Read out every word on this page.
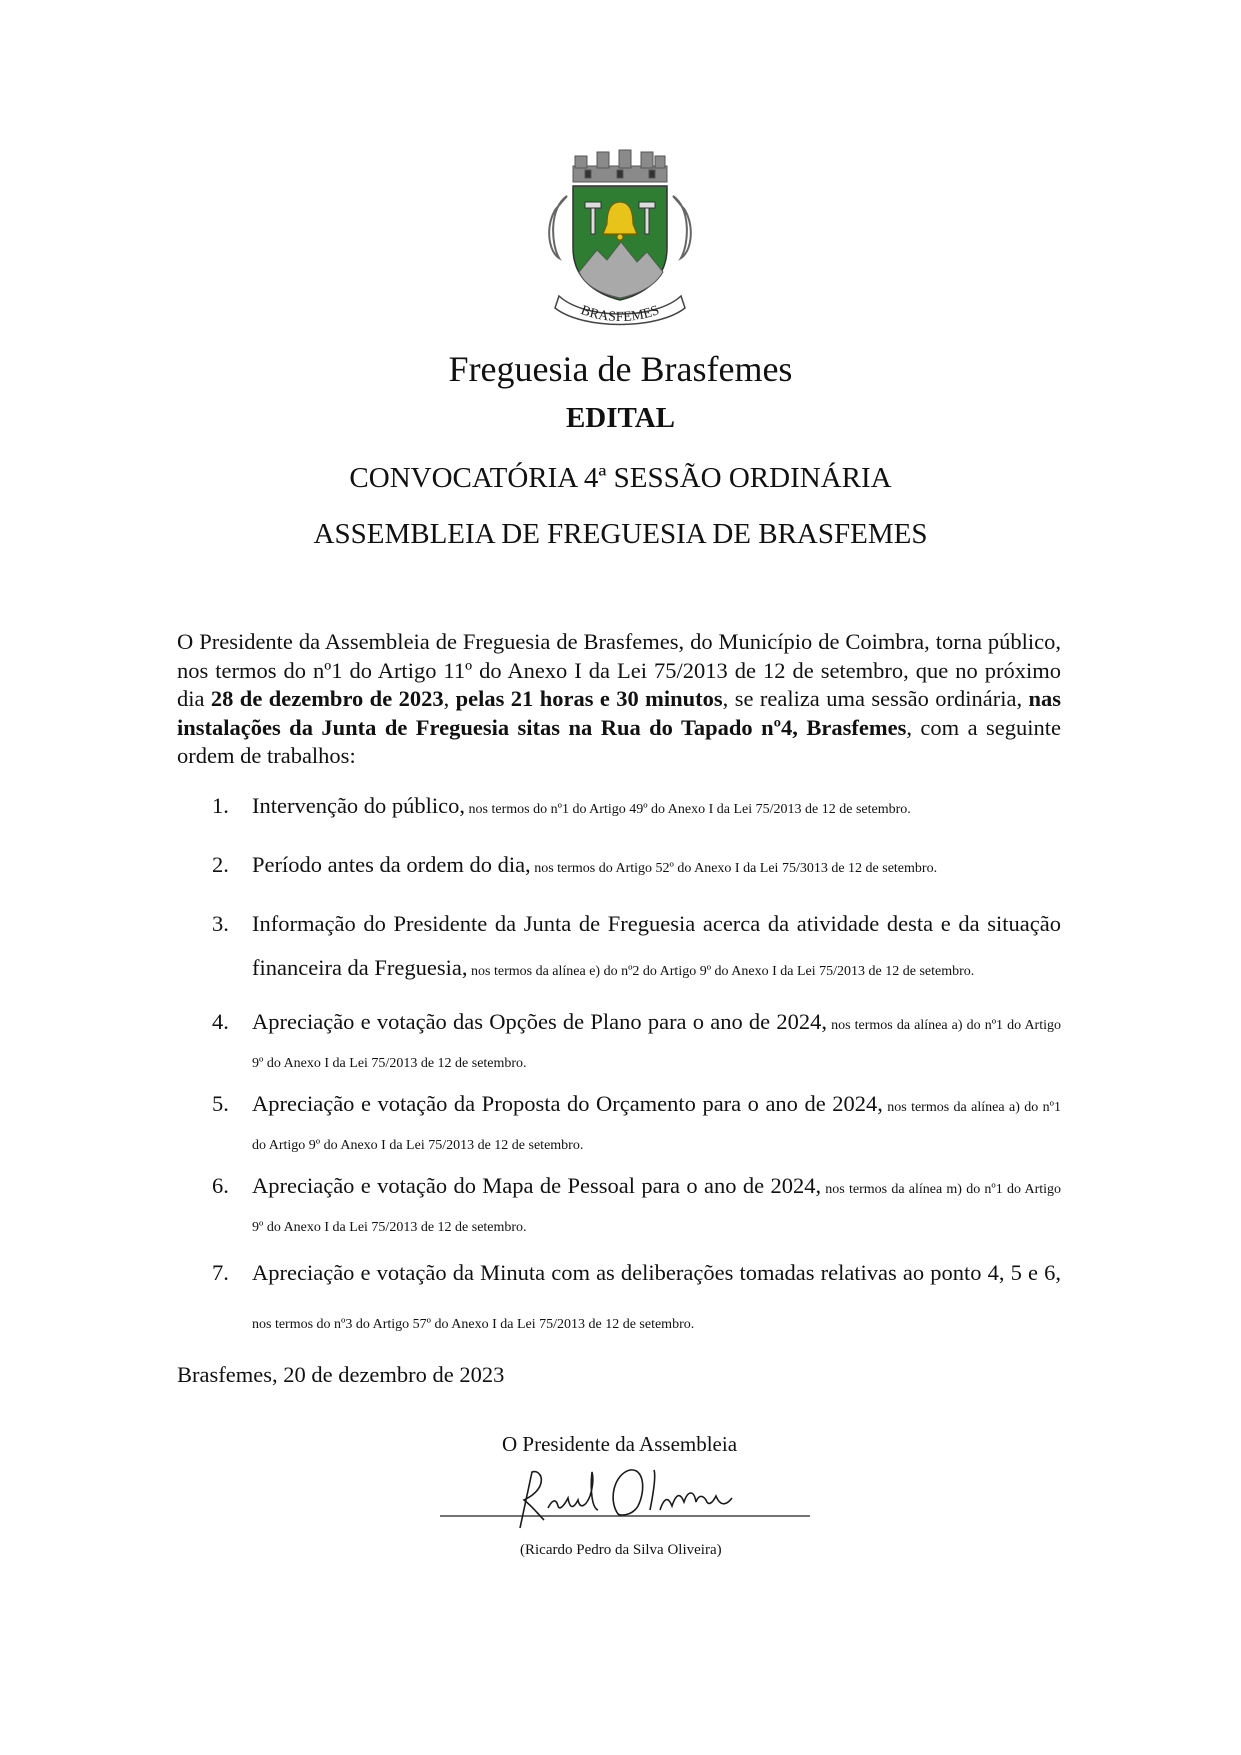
BRASFEMES
Freguesia de Brasfemes
EDITAL
CONVOCATÓRIA 4ª SESSÃO ORDINÁRIA
ASSEMBLEIA DE FREGUESIA DE BRASFEMES

O Presidente da Assembleia de Freguesia de Brasfemes, do Município de Coimbra, torna público, nos termos do nº1 do Artigo 11º do Anexo I da Lei 75/2013 de 12 de setembro, que no próximo dia 28 de dezembro de 2023, pelas 21 horas e 30 minutos, se realiza uma sessão ordinária, nas instalações da Junta de Freguesia sitas na Rua do Tapado nº4, Brasfemes, com a seguinte ordem de trabalhos:

1. Intervenção do público, nos termos do nº1 do Artigo 49º do Anexo I da Lei 75/2013 de 12 de setembro.
2. Período antes da ordem do dia, nos termos do Artigo 52º do Anexo I da Lei 75/3013 de 12 de setembro.
3. Informação do Presidente da Junta de Freguesia acerca da atividade desta e da situação financeira da Freguesia, nos termos da alínea e) do nº2 do Artigo 9º do Anexo I da Lei 75/2013 de 12 de setembro.
4. Apreciação e votação das Opções de Plano para o ano de 2024, nos termos da alínea a) do nº1 do Artigo 9º do Anexo I da Lei 75/2013 de 12 de setembro.
5. Apreciação e votação da Proposta do Orçamento para o ano de 2024, nos termos da alínea a) do nº1 do Artigo 9º do Anexo I da Lei 75/2013 de 12 de setembro.
6. Apreciação e votação do Mapa de Pessoal para o ano de 2024, nos termos da alínea m) do nº1 do Artigo 9º do Anexo I da Lei 75/2013 de 12 de setembro.
7. Apreciação e votação da Minuta com as deliberações tomadas relativas ao ponto 4, 5 e 6, nos termos do nº3 do Artigo 57º do Anexo I da Lei 75/2013 de 12 de setembro.
Brasfemes, 20 de dezembro de 2023
O Presidente da Assembleia
(Ricardo Pedro da Silva Oliveira)
